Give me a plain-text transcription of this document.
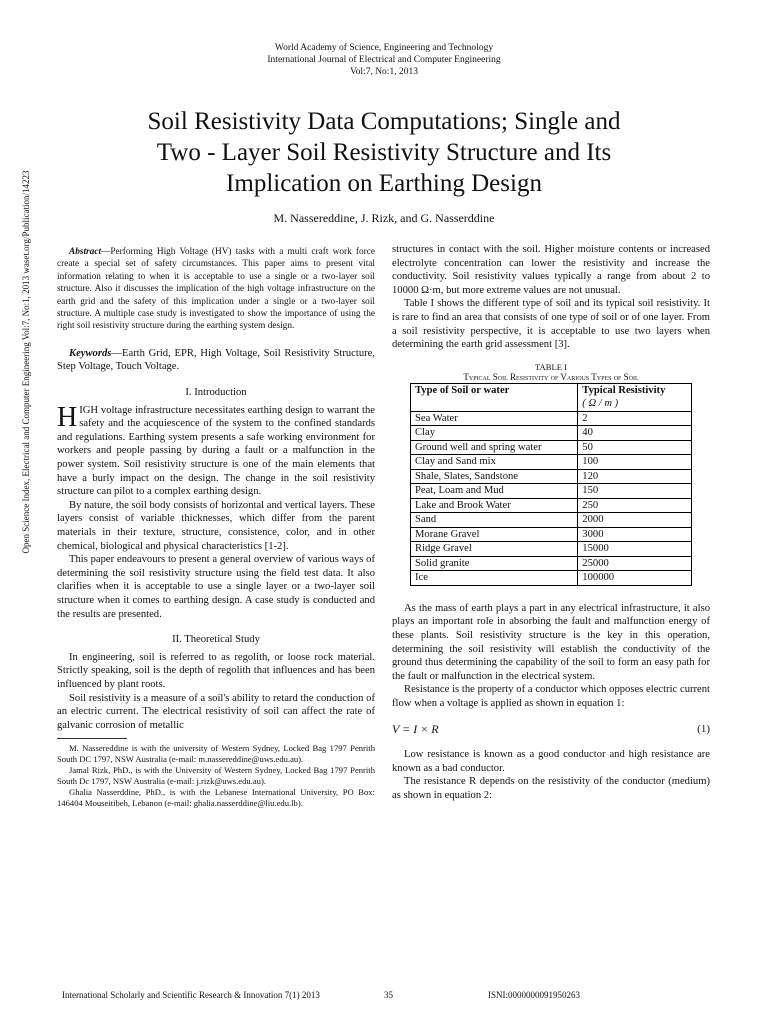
World Academy of Science, Engineering and Technology
International Journal of Electrical and Computer Engineering
Vol:7, No:1, 2013
Soil Resistivity Data Computations; Single and
Two - Layer Soil Resistivity Structure and Its
Implication on Earthing Design
M. Nassereddine, J. Rizk, and G. Nasserddine
Open Science Index, Electrical and Computer Engineering Vol:7, No:1, 2013 waset.org/Publication/14223	Abstract—Performing High Voltage (HV) tasks with a multi craft work force create a special set of safety circumstances. This paper aims to present vital information relating to when it is acceptable to use a single or a two-layer soil structure. Also it discusses the implication of the high voltage infrastructure on the earth grid and the safety of this implication under a single or a two-layer soil structure. A multiple case study is investigated to show the importance of using the right soil resistivity structure during the earthing system design.

Keywords—Earth Grid, EPR, High Voltage, Soil Resistivity Structure, Step Voltage, Touch Voltage.

I. Introduction

HIGH voltage infrastructure necessitates earthing design to warrant the safety and the acquiescence of the system to the confined standards and regulations. Earthing system presents a safe working environment for workers and people passing by during a fault or a malfunction in the power system. Soil resistivity structure is one of the main elements that have a burly impact on the design. The change in the soil resistivity structure can pilot to a complex earthing design.

By nature, the soil body consists of horizontal and vertical layers. These layers consist of variable thicknesses, which differ from the parent materials in their texture, structure, consistence, color, and in other chemical, biological and physical characteristics [1-2].

This paper endeavours to present a general overview of various ways of determining the soil resistivity structure using the field test data. It also clarifies when it is acceptable to use a single layer or a two-layer soil structure when it comes to earthing design. A case study is conducted and the results are presented.

II. Theoretical Study

In engineering, soil is referred to as regolith, or loose rock material. Strictly speaking, soil is the depth of regolith that influences and has been influenced by plant roots.

Soil resistivity is a measure of a soil's ability to retard the conduction of an electric current. The electrical resistivity of soil can affect the rate of galvanic corrosion of metallic

M. Nassereddine is with the university of Western Sydney, Locked Bag 1797 Penrith South DC 1797, NSW Australia (e-mail: m.nassereddine@uws.edu.au).

Jamal Rizk, PhD., is with the University of Western Sydney, Locked Bag 1797 Penrith South Dc 1797, NSW Australia (e-mail: j.rizk@uws.edu.au).

Ghalia Nasserddine, PhD., is with the Lebanese International University, PO Box: 146404 Mouseitibeh, Lebanon (e-mail: ghalia.nasserddine@liu.edu.lb).

structures in contact with the soil. Higher moisture contents or increased electrolyte concentration can lower the resistivity and increase the conductivity. Soil resistivity values typically a range from about 2 to 10000 Ω·m, but more extreme values are not unusual.

Table I shows the different type of soil and its typical soil resistivity. It is rare to find an area that consists of one type of soil or of one layer. From a soil resistivity perspective, it is acceptable to use two layers when determining the earth grid assessment [3].

TABLE I
Typical Soil Resistivity of Various Types of Soil
Type of Soil or water	Typical Resistivity
( Ω / m )
Sea Water	2
Clay	40
Ground well and spring water	50
Clay and Sand mix	100
Shale, Slates, Sandstone	120
Peat, Loam and Mud	150
Lake and Brook Water	250
Sand	2000
Morane Gravel	3000
Ridge Gravel	15000
Solid granite	25000
Ice	100000

As the mass of earth plays a part in any electrical infrastructure, it also plays an important role in absorbing the fault and malfunction energy of these plants. Soil resistivity structure is the key in this operation, determining the soil resistivity will establish the conductivity of the ground thus determining the capability of the soil to form an easy path for the fault or malfunction in the electrical system.

Resistance is the property of a conductor which opposes electric current flow when a voltage is applied as shown in equation 1:

V = I × R	(1)

Low resistance is known as a good conductor and high resistance are known as a bad conductor.

The resistance R depends on the resistivity of the conductor (medium) as shown in equation 2:

International Scholarly and Scientific Research & Innovation 7(1) 2013	35	ISNI:0000000091950263
